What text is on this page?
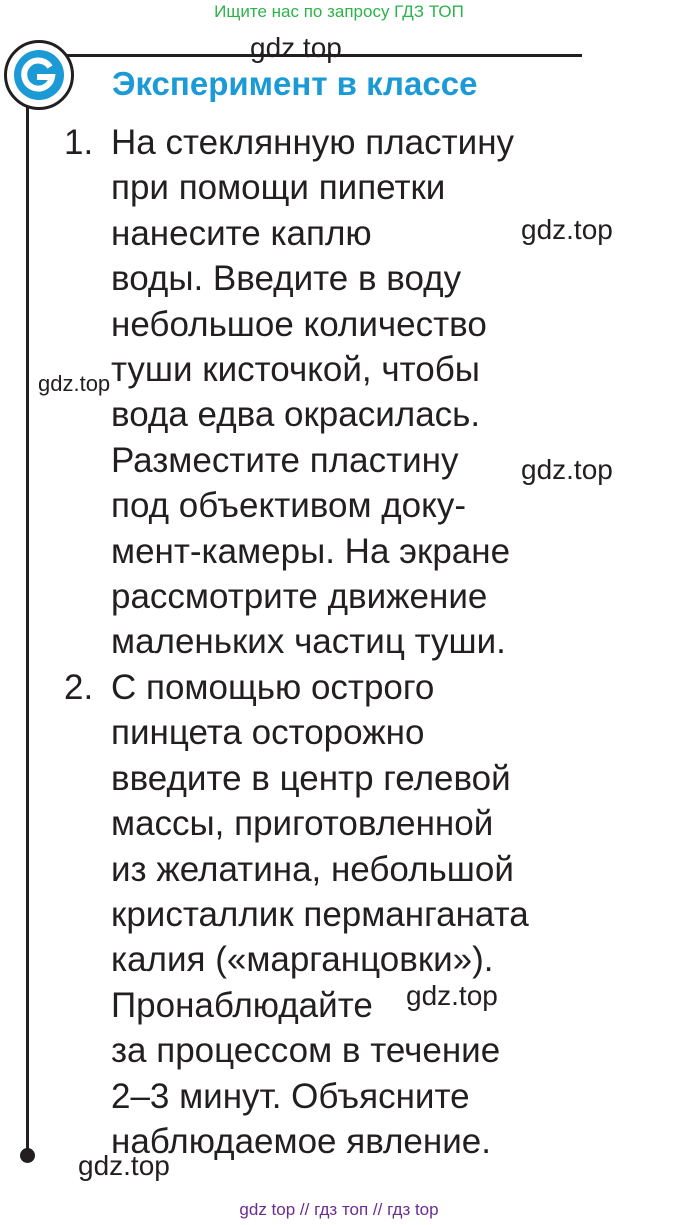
Ищите нас по запросу ГДЗ ТОП
Эксперимент в классе
1. На стеклянную пластину
при помощи пипетки
нанесите каплю
воды. Введите в воду
небольшое количество
туши кисточкой, чтобы
вода едва окрасилась.
Разместите пластину
под объективом доку-
мент-камеры. На экране
рассмотрите движение
маленьких частиц туши.
2. С помощью острого
пинцета осторожно
введите в центр гелевой
массы, приготовленной
из желатина, небольшой
кристаллик перманганата
калия («марганцовки»).
Пронаблюдайте
за процессом в течение
2–3 минут. Объясните
наблюдаемое явление.
gdz.top
gdz.top
gdz.top
gdz.top
gdz.top
gdz.top
gdz top // гдз топ // гдз top
